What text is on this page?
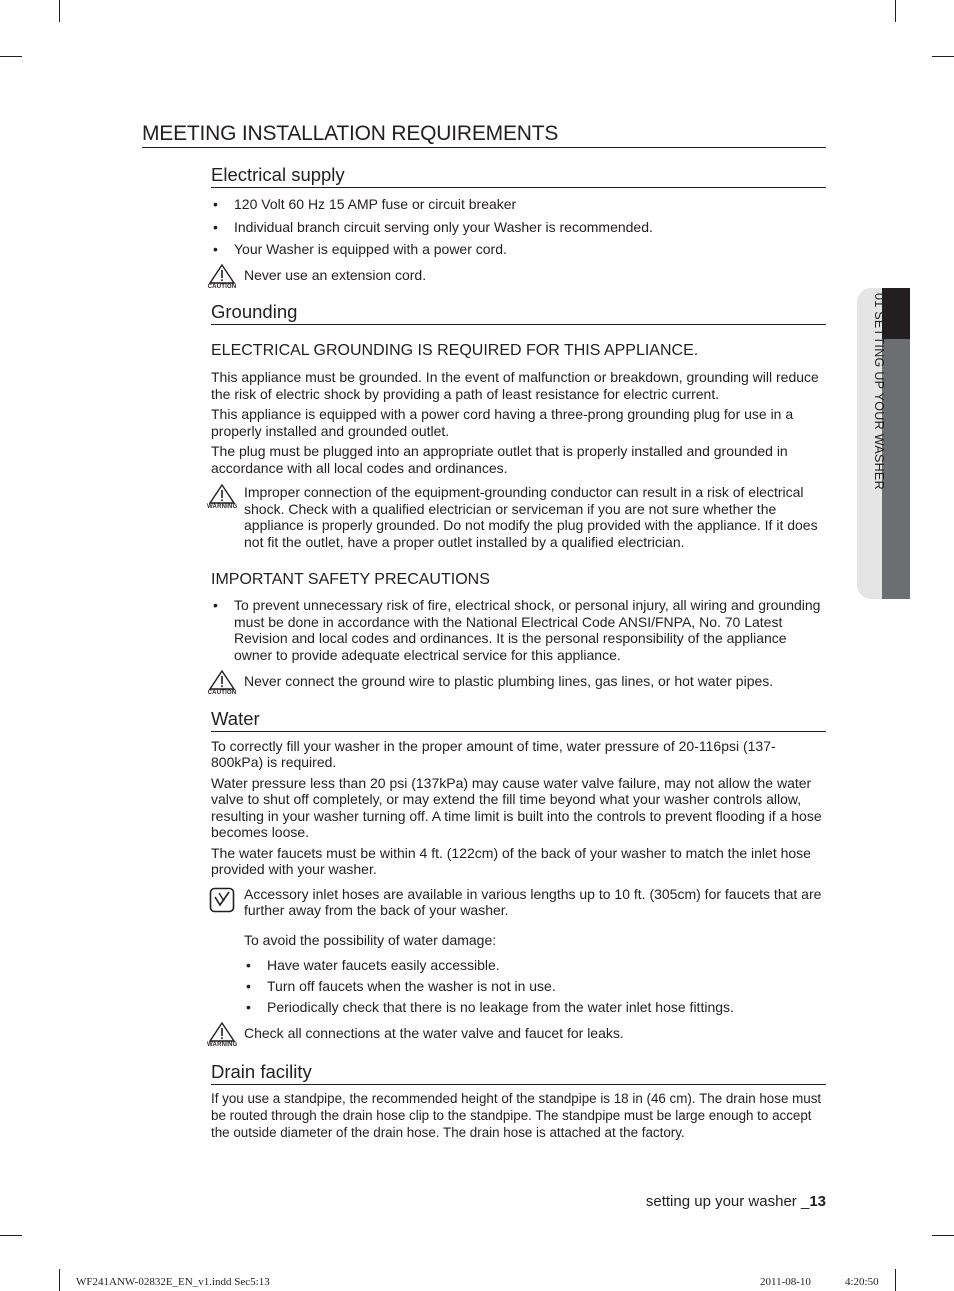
MEETING INSTALLATION REQUIREMENTS
01 SETTING UP YOUR WASHER
Electrical supply
• 120 Volt 60 Hz 15 AMP fuse or circuit breaker
• Individual branch circuit serving only your Washer is recommended.
• Your Washer is equipped with a power cord.
CAUTION
Never use an extension cord.
Grounding
ELECTRICAL GROUNDING IS REQUIRED FOR THIS APPLIANCE.

This appliance must be grounded. In the event of malfunction or breakdown, grounding will reduce the risk of electric shock by providing a path of least resistance for electric current.

This appliance is equipped with a power cord having a three-prong grounding plug for use in a properly installed and grounded outlet.

The plug must be plugged into an appropriate outlet that is properly installed and grounded in accordance with all local codes and ordinances.

WARNING
Improper connection of the equipment-grounding conductor can result in a risk of electrical shock. Check with a qualified electrician or serviceman if you are not sure whether the appliance is properly grounded. Do not modify the plug provided with the appliance. If it does not fit the outlet, have a proper outlet installed by a qualified electrician.
IMPORTANT SAFETY PRECAUTIONS
• To prevent unnecessary risk of fire, electrical shock, or personal injury, all wiring and grounding must be done in accordance with the National Electrical Code ANSI/FNPA, No. 70 Latest Revision and local codes and ordinances. It is the personal responsibility of the appliance owner to provide adequate electrical service for this appliance.
CAUTION
Never connect the ground wire to plastic plumbing lines, gas lines, or hot water pipes.
Water

To correctly fill your washer in the proper amount of time, water pressure of 20-116psi (137-800kPa) is required.

Water pressure less than 20 psi (137kPa) may cause water valve failure, may not allow the water valve to shut off completely, or may extend the fill time beyond what your washer controls allow, resulting in your washer turning off. A time limit is built into the controls to prevent flooding if a hose becomes loose.

The water faucets must be within 4 ft. (122cm) of the back of your washer to match the inlet hose provided with your washer.

Accessory inlet hoses are available in various lengths up to 10 ft. (305cm) for faucets that are further away from the back of your washer.

To avoid the possibility of water damage:

• Have water faucets easily accessible.
• Turn off faucets when the washer is not in use.
• Periodically check that there is no leakage from the water inlet hose fittings.
WARNING
Check all connections at the water valve and faucet for leaks.
Drain facility

If you use a standpipe, the recommended height of the standpipe is 18 in (46 cm). The drain hose must be routed through the drain hose clip to the standpipe. The standpipe must be large enough to accept the outside diameter of the drain hose. The drain hose is attached at the factory.

setting up your washer _13
WF241ANW-02832E_EN_v1.indd Sec5:13	2011-08-10	4:20:50
